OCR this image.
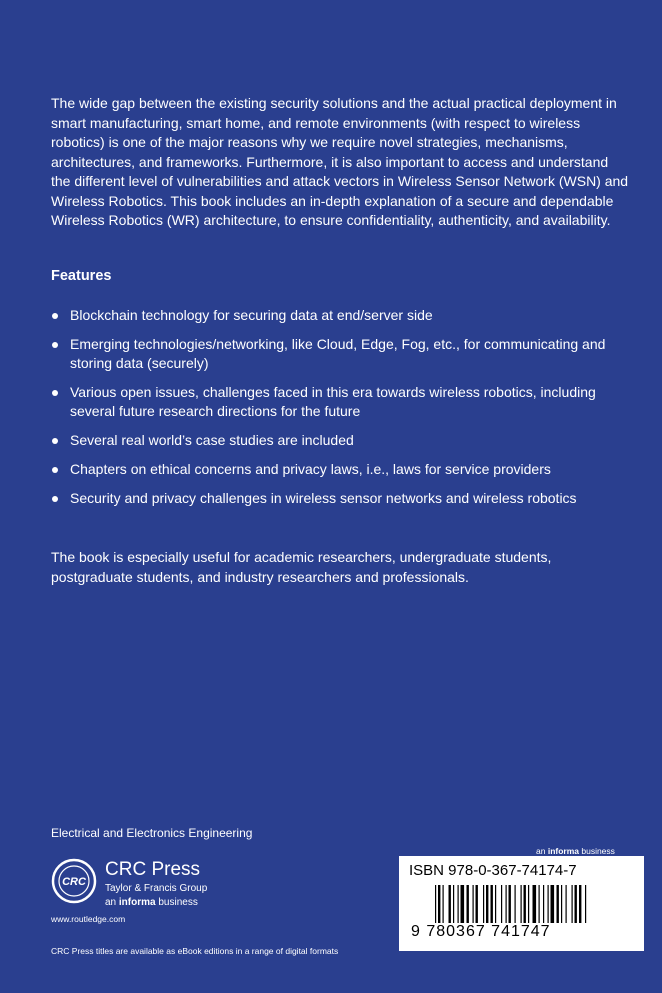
The wide gap between the existing security solutions and the actual practical deployment in smart manufacturing, smart home, and remote environments (with respect to wireless robotics) is one of the major reasons why we require novel strategies, mechanisms, architectures, and frameworks. Furthermore, it is also important to access and understand the different level of vulnerabilities and attack vectors in Wireless Sensor Network (WSN) and Wireless Robotics. This book includes an in-depth explanation of a secure and dependable Wireless Robotics (WR) architecture, to ensure confidentiality, authenticity, and availability.
Features
Blockchain technology for securing data at end/server side
Emerging technologies/networking, like Cloud, Edge, Fog, etc., for communicating and storing data (securely)
Various open issues, challenges faced in this era towards wireless robotics, including several future research directions for the future
Several real world’s case studies are included
Chapters on ethical concerns and privacy laws, i.e., laws for service providers
Security and privacy challenges in wireless sensor networks and wireless robotics
The book is especially useful for academic researchers, undergraduate students, postgraduate students, and industry researchers and professionals.
Electrical and Electronics Engineering
CRC
CRC Press
Taylor & Francis Group
an informa business
www.routledge.com
CRC Press titles are available as eBook editions in a range of digital formats
an informa business
ISBN 978-0-367-74174-7
9 780367 741747
